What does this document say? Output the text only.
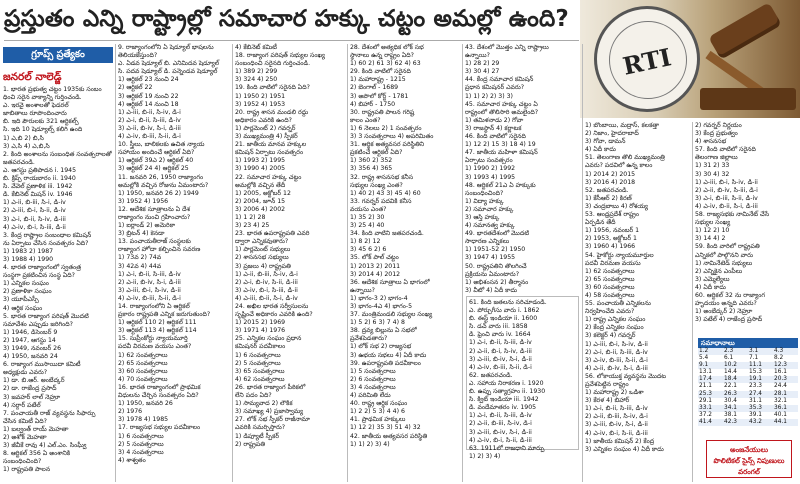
ప్రస్తుతం ఎన్ని రాష్ట్రాల్లో సమాచార హక్కు చట్టం అమల్లో ఉంది?
RTI
గ్రూప్స్ ప్రత్యేకం
జనరల్ నాలెడ్జ్
1. భారత ప్రభుత్వ చట్టం 1935కు సంబం
ధించి సరైన వాక్యాన్ని గుర్తించండి.
ఎ. ఇరవై అంశాలతో ఫెడరల్
జాబితాలు రూపొందించారు
బి. ఇది పౌరులకు 321 ఆర్టికల్స్
సి. ఇది 10 షెడ్యూల్స్ కలిగి ఉంది
1) ఎ,బి 2) బి,సి
3) ఎ,సి 4) ఎ,బి,సి
2. కింది అంశాలను సంబంధిత సంవత్సరాలతో
జతపరచండి.
ఎ. ఆగస్టు ప్రతిపాదన i. 1945
బి. క్రిప్స్ రాయబారం ii. 1940
సి. వేవెల్ ప్రణాళిక iii. 1942
డి. కేబినెట్ మిషన్ iv. 1946
1) ఎ-ii, బి-iii, సి-i, డి-iv
2) ఎ-iii, బి-i, సి-ii, డి-iv
3) ఎ-i, బి-ii, సి-iv, డి-iii
4) ఎ-iv, బి-i, సి-iii, డి-ii
3. కేంద్ర రాష్ట్రాల సంబంధాల కమిషన్
ను ఏర్పాటు చేసిన సంవత్సరం ఏది?
1) 1983 2) 1987
3) 1988 4) 1990
4. భారత రాజ్యాంగంలో స్వతంత్ర
సంస్థగా ప్రకటించిన సంస్థ ఏది?
1) ఎన్నికల సంఘం
2) ప్రణాళికా సంఘం
3) యూపీఎస్సీ
4) ఆర్థిక సంఘం
5. భారత రాజ్యాంగ పరిషత్ మొదటి
సమావేశం ఎప్పుడు జరిగింది?
1) 1946, డిసెంబర్ 9
2) 1947, ఆగస్టు 14
3) 1949, నవంబర్ 26
4) 1950, జనవరి 24
6. రాజ్యాంగ ముసాయిదా కమిటీ
అధ్యక్షుడు ఎవరు?
1) డా. బి.ఆర్. అంబేద్కర్
2) డా. రాజేంద్ర ప్రసాద్
3) జవహర్ లాల్ నెహ్రూ
4) సర్దార్ పటేల్
7. పంచాయతీ రాజ్ వ్యవస్థను సిఫార్సు
చేసిన కమిటీ ఏది?
1) బల్వంత్ రాయ్ మెహతా
2) అశోక్ మెహతా
3) జీవీకే రావు 4) ఎల్.ఎం. సింఘ్వీ
8. ఆర్టికల్ 356 ఏ అంశానికి
సంబంధించింది?
1) రాష్ట్రపతి పాలన
9. రాజ్యాంగంలోని ఏ షెడ్యూల్ భాషలను
తెలియజేస్తుంది?
ఎ. ఏడవ షెడ్యూల్ బి. ఎనిమిదవ షెడ్యూల్
సి. పదవ షెడ్యూల్ డి. పన్నెండవ షెడ్యూల్
1) ఆర్టికల్ 23 నుంచి 24
2) ఆర్టికల్ 22
3) ఆర్టికల్ 19 నుంచి 22
4) ఆర్టికల్ 14 నుంచి 18
1) ఎ-iii, బి-ii, సి-iv, డి-i
2) ఎ-i, బి-ii, సి-iii, డి-iv
3) ఎ-ii, బి-iv, సి-i, డి-iii
4) ఎ-iv, బి-iii, సి-ii, డి-i
10. స్త్రీలు, బాలికలకు ఉచిత న్యాయ
సహాయం అందించే ఆర్టికల్ ఏది?
1) ఆర్టికల్ 39ఎ 2) ఆర్టికల్ 40
3) ఆర్టికల్ 24 4) ఆర్టికల్ 25
11. జనవరి 26, 1950 రాజ్యాంగం
అమల్లోకి వచ్చిన రోజును ఏమంటారు?
1) 1950, జనవరి 26 2) 1949
3) 1952 4) 1956
12. ఆదేశిక సూత్రాలను ఏ దేశ
రాజ్యాంగం నుంచి గ్రహించారు?
1) ఐర్లాండ్ 2) అమెరికా
3) బ్రిటన్ 4) కెనడా
13. పంచాయతీరాజ్ సంస్థలకు
రాజ్యాంగ హోదా కల్పించిన సవరణ
1) 73వ 2) 74వ
3) 42వ 4) 44వ
1) ఎ-i, బి-ii, సి-iii, డి-iv
2) ఎ-ii, బి-iv, సి-i, డి-iii
3) ఎ-iii, బి-i, సి-iv, డి-ii
4) ఎ-iv, బి-iii, సి-ii, డి-i
14. రాజ్యాంగంలోని ఏ ఆర్టికల్
ప్రకారం రాష్ట్రపతి ఎన్నిక జరుగుతుంది?
1) ఆర్టికల్ 110 2) ఆర్టికల్ 111
3) ఆర్టికల్ 113 4) ఆర్టికల్ 114
15. సుప్రీంకోర్టు న్యాయమూర్తి
పదవీ విరమణ వయసు ఎంత?
1) 62 సంవత్సరాలు
2) 65 సంవత్సరాలు
3) 60 సంవత్సరాలు
4) 70 సంవత్సరాలు
16. భారత రాజ్యాంగంలో ప్రాథమిక
విధులను చేర్చిన సంవత్సరం ఏది?
1) 1950, జనవరి 26
2) 1976
3) 1978 4) 1985
17. రాజ్యసభ సభ్యుల పదవీకాలం
1) 6 సంవత్సరాలు
2) 5 సంవత్సరాలు
3) 4 సంవత్సరాలు
4) శాశ్వతం
4) కేబినెట్ కమిటీ
18. రాజ్యాంగ పరిషత్ సభ్యుల సంఖ్య
సంబంధించి సరైనది గుర్తించండి.
1) 389 2) 299
3) 324 4) 250
19. కింది వాటిలో సరైనది ఏది?
1) 1950 2) 1951
3) 1952 4) 1953
20. రాష్ట్ర శాసన మండలి రద్దు
అధికారం ఎవరికి ఉంది?
1) పార్లమెంట్ 2) గవర్నర్
3) ముఖ్యమంత్రి 4) స్పీకర్
21. జాతీయ మానవ హక్కుల
కమిషన్ ఏర్పాటు సంవత్సరం
1) 1993 2) 1995
3) 1990 4) 2005
22. సమాచార హక్కు చట్టం
అమల్లోకి వచ్చిన తేదీ
1) 2005, అక్టోబర్ 12
2) 2004, జూన్ 15
3) 2006 4) 2002
1) 1 2) 28
3) 23 4) 25
23. భారత ఉపరాష్ట్రపతి ఎవరి
ద్వారా ఎన్నికవుతారు?
1) పార్లమెంట్ సభ్యులు
2) శాసనసభ సభ్యులు
3) ప్రజలు 4) రాష్ట్రపతి
1) ఎ-ii, బి-iii, సి-iv, డి-i
2) ఎ-i, బి-iv, సి-ii, డి-iii
3) ఎ-iv, బి-i, సి-iii, డి-ii
4) ఎ-iii, బి-ii, సి-i, డి-iv
24. అఖిల భారత సర్వీసులను
సృష్టించే అధికారం ఎవరికి ఉంది?
1) 2015 2) 1969
3) 1971 4) 1976
25. ఎన్నికల సంఘం ప్రధాన
కమిషనర్ పదవీకాలం
1) 6 సంవత్సరాలు
2) 5 సంవత్సరాలు
3) 65 సంవత్సరాలు
4) 62 సంవత్సరాలు
26. భారత రాజ్యాంగ పీఠికలో
లేని పదం ఏది?
1) సామ్యవాద 2) లౌకిక
3) సమాఖ్య 4) ప్రజాస్వామ్య
27. లోక్ సభ స్పీకర్ రాజీనామా
ఎవరికి సమర్పిస్తారు?
1) డిప్యూటీ స్పీకర్
2) రాష్ట్రపతి
28. దేశంలో అత్యధిక లోక్ సభ
స్థానాలు ఉన్న రాష్ట్రం ఏది?
1) 60 2) 61 3) 62 4) 63
29. కింది వాటిలో సరైనది
1) మహారాష్ట్ర - 1215
2) బెంగాల్ - 1689
3) అపొలో కోర్ట్ - 1781
4) బిహార్ - 1750
30. రాష్ట్రపతి పాలన గరిష్ట
కాలం ఎంత?
1) 6 నెలలు 2) 1 సంవత్సరం
3) 3 సంవత్సరాలు 4) అపరిమితం
31. ఆర్థిక అత్యవసర పరిస్థితిని
ప్రకటించే ఆర్టికల్ ఏది?
1) 360 2) 352
3) 356 4) 365
32. రాష్ట్ర శాసనసభ కనీస
సభ్యుల సంఖ్య ఎంత?
1) 40 2) 43 3) 45 4) 60
33. గవర్నర్ పదవికి కనీస
వయసు ఎంత?
1) 35 2) 30
3) 25 4) 40
34. కింది వాటిని జతపరచండి.
1) 8 2) 12
3) 45 6 2) 6
35. లోక్ పాల్ చట్టం
1) 2013 2) 2011
3) 2014 4) 2012
36. ఆదేశిక సూత్రాలు ఏ భాగంలో
ఉన్నాయి?
1) భాగం-3 2) భాగం-4
3) భాగం-4ఎ 4) భాగం-5
37. మంత్రిమండలి సభ్యుల సంఖ్య
1) 5 2) 6 3) 7 4) 8
38. ద్రవ్య బిల్లును ఏ సభలో
ప్రవేశపెడతారు?
1) లోక్ సభ 2) రాజ్యసభ
3) ఉభయ సభలు 4) ఏదీ కాదు
39. ఉపరాష్ట్రపతి పదవీకాలం
1) 5 సంవత్సరాలు
2) 6 సంవత్సరాలు
3) 4 సంవత్సరాలు
4) పరిమితి లేదు
40. రాష్ట్ర ఆర్థిక సంఘం
1) 2 2) 5 3) 4 4) 6
41. ప్రాథమిక హక్కులు
1) 12 2) 35 3) 51 4) 32
42. జాతీయ అత్యవసర పరిస్థితి
1) 1) 2) 3) 4)
43. దేశంలో మొత్తం ఎన్ని రాష్ట్రాలు
ఉన్నాయి?
1) 28 2) 29
3) 30 4) 27
44. కేంద్ర సమాచార కమిషన్
ప్రధాన కమిషనర్ ఎవరు?
1) 1) 2) 2) 3) 3)
45. సమాచార హక్కు చట్టం ఏ
రాష్ట్రంలో తొలిసారి అమలైంది?
1) తమిళనాడు 2) గోవా
3) రాజస్థాన్ 4) కర్ణాటక
46. కింది వాటిలో సరైనది
1) 12 2) 15 3) 18 4) 19
47. జాతీయ మహిళా కమిషన్
ఏర్పాటు సంవత్సరం
1) 1990 2) 1992
3) 1993 4) 1995
48. ఆర్టికల్ 21ఎ ఏ హక్కుకు
సంబంధించింది?
1) విద్యా హక్కు
2) సమాచార హక్కు
3) ఆస్తి హక్కు
4) సమానత్వ హక్కు
49. భారతదేశంలో మొదటి
సాధారణ ఎన్నికలు
1) 1951-52 2) 1950
3) 1947 4) 1955
50. రాష్ట్రపతిని తొలగించే
ప్రక్రియను ఏమంటారు?
1) అభిశంసన 2) తీర్మానం
3) వీటో 4) ఏదీ కాదు
1) బొంబాయి, మద్రాస్, కలకత్తా
2) నిజాం, హైదరాబాద్
3) గోవా, డామన్
4) ఏదీ కాదు
51. తెలంగాణ తొలి ముఖ్యమంత్రి
ఎవరు? పదవిలో ఉన్న కాలం
1) 2014 2) 2015
3) 2016 4) 2018
52. జతపరచండి.
1) కేసీఆర్ 2) కిరణ్
3) చంద్రబాబు 4) రోశయ్య
53. ఆంధ్రప్రదేశ్ రాష్ట్రం
ఏర్పడిన తేదీ
1) 1956, నవంబర్ 1
2) 1953, అక్టోబర్ 1
3) 1960 4) 1966
54. హైకోర్టు న్యాయమూర్తుల
పదవీ విరమణ వయసు
1) 62 సంవత్సరాలు
2) 65 సంవత్సరాలు
3) 60 సంవత్సరాలు
4) 58 సంవత్సరాలు
55. పంచాయతీ ఎన్నికలను
నిర్వహించేది ఎవరు?
1) రాష్ట్ర ఎన్నికల సంఘం
2) కేంద్ర ఎన్నికల సంఘం
3) కలెక్టర్ 4) గవర్నర్
1) ఎ-iii, బి-i, సి-iv, డి-ii
2) ఎ-i, బి-ii, సి-iii, డి-iv
3) ఎ-iv, బి-iii, సి-ii, డి-i
4) ఎ-ii, బి-iv, సి-i, డి-iii
56. లోకాయుక్త వ్యవస్థను మొదట
ప్రవేశపెట్టిన రాష్ట్రం
1) మహారాష్ట్ర 2) ఒడిశా
3) కేరళ 4) బిహార్
1) ఎ-i, బి-ii, సి-iii, డి-iv
2) ఎ-ii, బి-iii, సి-iv, డి-i
3) ఎ-iii, బి-iv, సి-i, డి-ii
4) ఎ-iv, బి-i, సి-ii, డి-iii
1) జాతీయ కమిషన్ 2) కేంద్ర
3) ఎన్నికల సంఘం 4) ఏదీ కాదు
2) గవర్నర్ నిర్ణయం
3) కేంద్ర ప్రభుత్వం
4) శాసనసభ
57. కింది వాటిలో సరైనది
తెలంగాణ జిల్లాలు
1) 31 2) 33
3) 30 4) 32
1) ఎ-iii, బి-i, సి-iv, డి-ii
2) ఎ-ii, బి-iv, సి-iii, డి-i
3) ఎ-i, బి-iii, సి-ii, డి-iv
4) ఎ-iv, బి-ii, సి-i, డి-iii
58. రాజ్యసభకు నామినేట్ చేసే
సభ్యుల సంఖ్య
1) 12 2) 10
3) 14 4) 2
59. కింది వారిలో రాష్ట్రపతి
ఎన్నికలో పాల్గొనని వారు
1) నామినేటెడ్ సభ్యులు
2) ఎన్నికైన ఎంపీలు
3) ఎమ్మెల్యేలు
4) ఏదీ కాదు
60. ఆర్టికల్ 32 ను రాజ్యాంగ
హృదయం అన్నది ఎవరు?
1) అంబేద్కర్ 2) నెహ్రూ
3) పటేల్ 4) రాజేంద్ర ప్రసాద్
61. కింది జతలను సరిచూడండి.
ఎ. పోర్చుగీసు వారు i. 1862
బి. ఈస్ట్ ఇండియా ii. 1600
సి. డచ్ వారు iii. 1858
డి. ఫ్రెంచి వారు iv. 1664
1) ఎ-i, బి-ii, సి-iii, డి-iv
2) ఎ-ii, బి-i, సి-iv, డి-iii
3) ఎ-iii, బి-iv, సి-i, డి-ii
4) ఎ-iv, బి-iii, సి-ii, డి-i
62. జతపరచండి.
ఎ. సహాయ నిరాకరణ i. 1920
బి. ఉప్పు సత్యాగ్రహం ii. 1930
సి. క్విట్ ఇండియా iii. 1942
డి. వందేమాతరం iv. 1905
1) ఎ-i, బి-ii, సి-iii, డి-iv
2) ఎ-ii, బి-iii, సి-iv, డి-i
3) ఎ-iii, బి-iv, సి-i, డి-ii
4) ఎ-iv, బి-i, సి-ii, డి-iii
63. 1911లో రాజధాని మార్పు
1) 2) 3) 4)
సమాధానాలు
1.2	2.3	3.1	4.3
5.4	6.1	7.1	8.2
9.1	10.2	11.1	12.3
13.1	14.4	15.3	16.1
17.4	18.4	19.1	20.3
21.1	22.1	23.3	24.4
25.3	26.3	27.4	28.1
29.1	30.4	31.1	32.1
33.1	34.1	35.3	36.1
37.2	38.1	39.1	40.1
41.4	42.3	43.2	44.1
అంజనేయులు
పొలిటికల్ సైన్స్ నిపుణులు
వరంగల్
